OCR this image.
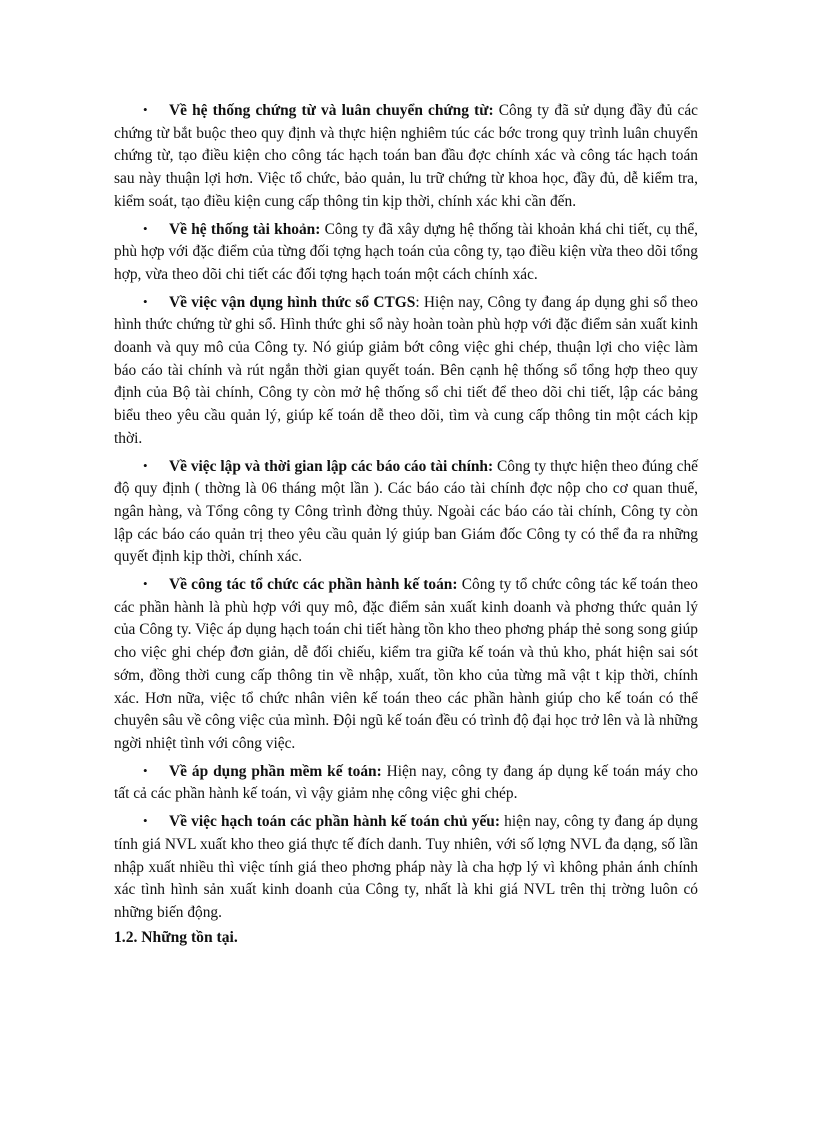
• Về hệ thống chứng từ và luân chuyển chứng từ: Công ty đã sử dụng đầy đủ các chứng từ bắt buộc theo quy định và thực hiện nghiêm túc các bớc trong quy trình luân chuyển chứng từ, tạo điều kiện cho công tác hạch toán ban đầu đợc chính xác và công tác hạch toán sau này thuận lợi hơn. Việc tổ chức, bảo quản, lu trữ chứng từ khoa học, đầy đủ, dễ kiểm tra, kiểm soát, tạo điều kiện cung cấp thông tin kịp thời, chính xác khi cần đến.

• Về hệ thống tài khoản: Công ty đã xây dựng hệ thống tài khoản khá chi tiết, cụ thể, phù hợp với đặc điểm của từng đối tợng hạch toán của công ty, tạo điều kiện vừa theo dõi tổng hợp, vừa theo dõi chi tiết các đối tợng hạch toán một cách chính xác.

• Về việc vận dụng hình thức sổ CTGS: Hiện nay, Công ty đang áp dụng ghi sổ theo hình thức chứng từ ghi sổ. Hình thức ghi sổ này hoàn toàn phù hợp với đặc điểm sản xuất kinh doanh và quy mô của Công ty. Nó giúp giảm bớt công việc ghi chép, thuận lợi cho việc làm báo cáo tài chính và rút ngắn thời gian quyết toán. Bên cạnh hệ thống sổ tổng hợp theo quy định của Bộ tài chính, Công ty còn mở hệ thống sổ chi tiết để theo dõi chi tiết, lập các bảng biểu theo yêu cầu quản lý, giúp kế toán dễ theo dõi, tìm và cung cấp thông tin một cách kịp thời.

• Về việc lập và thời gian lập các báo cáo tài chính: Công ty thực hiện theo đúng chế độ quy định ( thờng là 06 tháng một lần ). Các báo cáo tài chính đợc nộp cho cơ quan thuế, ngân hàng, và Tổng công ty Công trình đờng thủy. Ngoài các báo cáo tài chính, Công ty còn lập các báo cáo quản trị theo yêu cầu quản lý giúp ban Giám đốc Công ty có thể đa ra những quyết định kịp thời, chính xác.

• Về công tác tổ chức các phần hành kế toán: Công ty tổ chức công tác kế toán theo các phần hành là phù hợp với quy mô, đặc điểm sản xuất kinh doanh và phơng thức quản lý của Công ty. Việc áp dụng hạch toán chi tiết hàng tồn kho theo phơng pháp thẻ song song giúp cho việc ghi chép đơn giản, dễ đối chiếu, kiểm tra giữa kế toán và thủ kho, phát hiện sai sót sớm, đồng thời cung cấp thông tin về nhập, xuất, tồn kho của từng mã vật t kịp thời, chính xác. Hơn nữa, việc tổ chức nhân viên kế toán theo các phần hành giúp cho kế toán có thể chuyên sâu về công việc của mình. Đội ngũ kế toán đều có trình độ đại học trở lên và là những ngời nhiệt tình với công việc.

• Về áp dụng phần mềm kế toán: Hiện nay, công ty đang áp dụng kế toán máy cho tất cả các phần hành kế toán, vì vậy giảm nhẹ công việc ghi chép.

• Về việc hạch toán các phần hành kế toán chủ yếu: hiện nay, công ty đang áp dụng tính giá NVL xuất kho theo giá thực tế đích danh. Tuy nhiên, với số lợng NVL đa dạng, số lần nhập xuất nhiều thì việc tính giá theo phơng pháp này là cha hợp lý vì không phản ánh chính xác tình hình sản xuất kinh doanh của Công ty, nhất là khi giá NVL trên thị trờng luôn có những biến động.

1.2. Những tồn tại.
